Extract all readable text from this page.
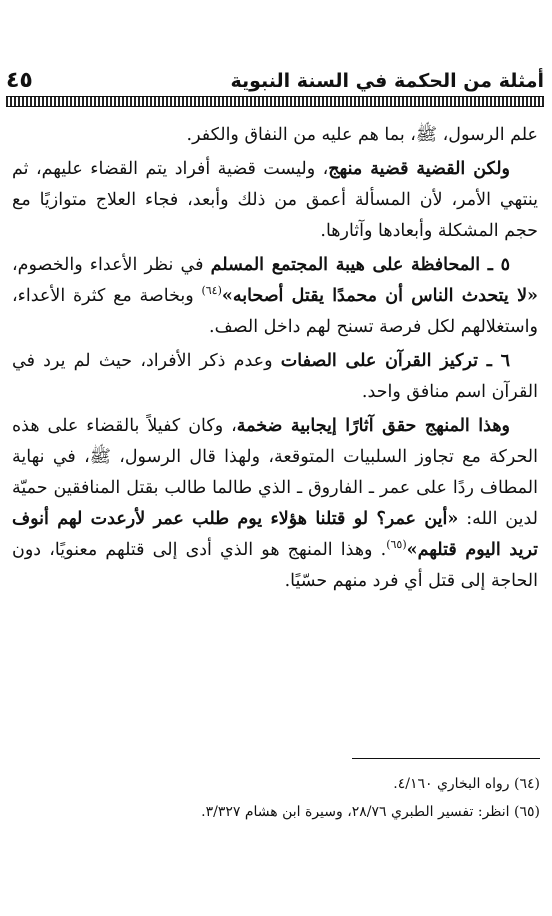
أمثلة من الحكمة في السنة النبوية
٤٥

علم الرسول، ﷺ، بما هم عليه من النفاق والكفر.

ولكن القضية قضية منهج، وليست قضية أفراد يتم القضاء عليهم، ثم ينتهي الأمر، لأن المسألة أعمق من ذلك وأبعد، فجاء العلاج متوازيًا مع حجم المشكلة وأبعادها وآثارها.

٥ ـ المحافظة على هيبة المجتمع المسلم في نظر الأعداء والخصوم، «لا يتحدث الناس أن محمدًا يقتل أصحابه»$^{(٦٤)}$ وبخاصة مع كثرة الأعداء، واستغلالهم لكل فرصة تسنح لهم داخل الصف.

٦ ـ تركيز القرآن على الصفات وعدم ذكر الأفراد، حيث لم يرد في القرآن اسم منافق واحد.

وهذا المنهج حقق آثارًا إيجابية ضخمة، وكان كفيلاً بالقضاء على هذه الحركة مع تجاوز السلبيات المتوقعة، ولهذا قال الرسول، ﷺ، في نهاية المطاف ردًا على عمر ـ الفاروق ـ الذي طالما طالب بقتل المنافقين حميّة لدين الله: «أين عمر؟ لو قتلنا هؤلاء يوم طلب عمر لأرعدت لهم أنوف تريد اليوم قتلهم»$^{(٦٥)}$. وهذا المنهج هو الذي أدى إلى قتلهم معنويًا، دون الحاجة إلى قتل أي فرد منهم حسّيًا.

(٦٤) رواه البخاري ٤/١٦٠.
(٦٥) انظر: تفسير الطبري ٢٨/٧٦، وسيرة ابن هشام ٣/٣٢٧.
